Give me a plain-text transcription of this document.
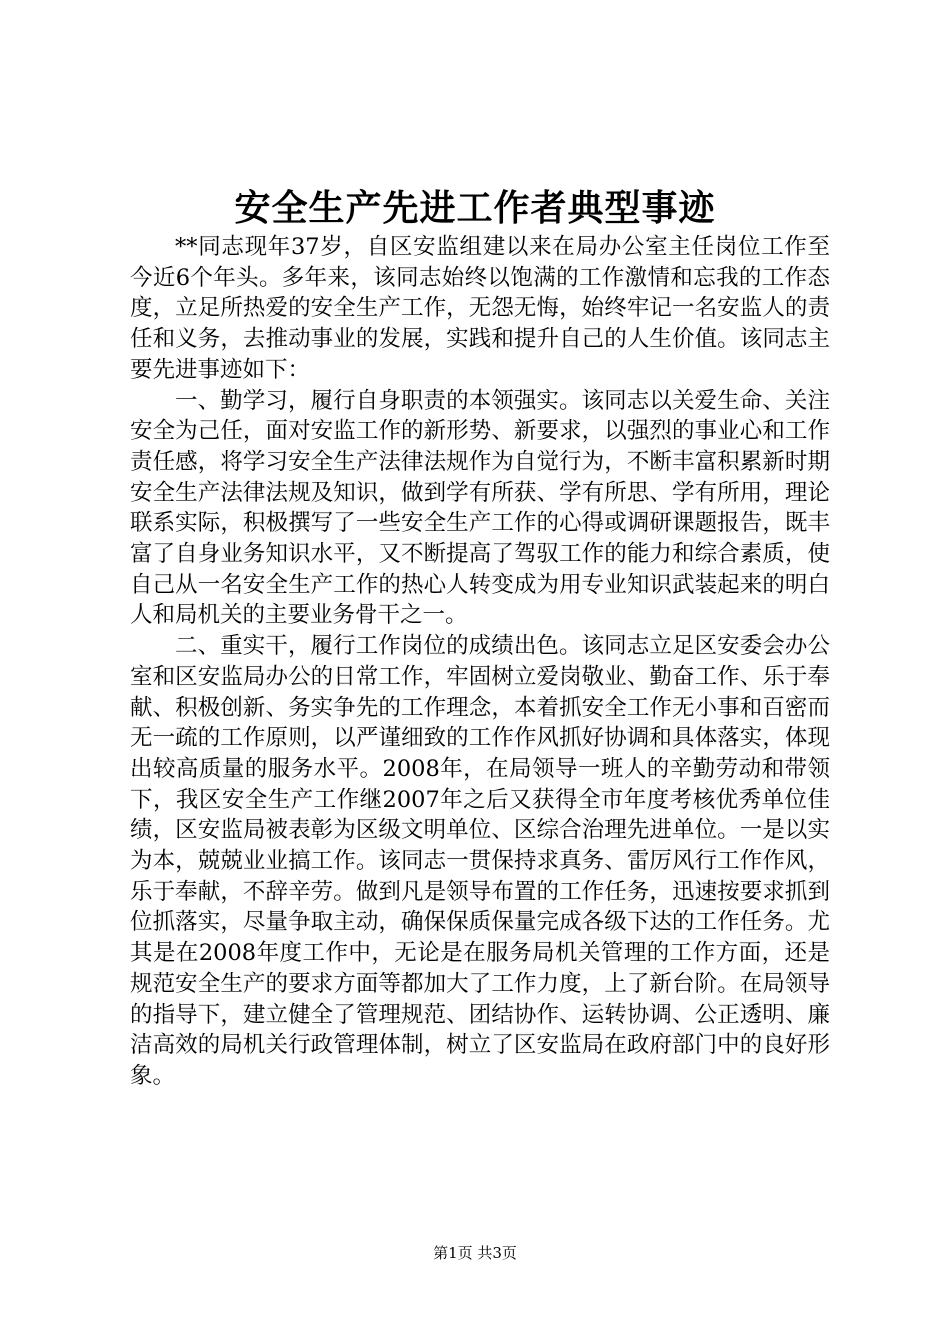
安全生产先进工作者典型事迹

**同志现年37岁，自区安监组建以来在局办公室主任岗位工作至今近6个年头。多年来，该同志始终以饱满的工作激情和忘我的工作态度，立足所热爱的安全生产工作，无怨无悔，始终牢记一名安监人的责任和义务，去推动事业的发展，实践和提升自己的人生价值。该同志主要先进事迹如下：

一、勤学习，履行自身职责的本领强实。该同志以关爱生命、关注安全为己任，面对安监工作的新形势、新要求，以强烈的事业心和工作责任感，将学习安全生产法律法规作为自觉行为，不断丰富积累新时期安全生产法律法规及知识，做到学有所获、学有所思、学有所用，理论联系实际，积极撰写了一些安全生产工作的心得或调研课题报告，既丰富了自身业务知识水平，又不断提高了驾驭工作的能力和综合素质，使自己从一名安全生产工作的热心人转变成为用专业知识武装起来的明白人和局机关的主要业务骨干之一。

二、重实干，履行工作岗位的成绩出色。该同志立足区安委会办公室和区安监局办公的日常工作，牢固树立爱岗敬业、勤奋工作、乐于奉献、积极创新、务实争先的工作理念，本着抓安全工作无小事和百密而无一疏的工作原则，以严谨细致的工作作风抓好协调和具体落实，体现出较高质量的服务水平。2008年，在局领导一班人的辛勤劳动和带领下，我区安全生产工作继2007年之后又获得全市年度考核优秀单位佳绩，区安监局被表彰为区级文明单位、区综合治理先进单位。一是以实为本，兢兢业业搞工作。该同志一贯保持求真务、雷厉风行工作作风，乐于奉献，不辞辛劳。做到凡是领导布置的工作任务，迅速按要求抓到位抓落实，尽量争取主动，确保保质保量完成各级下达的工作任务。尤其是在2008年度工作中，无论是在服务局机关管理的工作方面，还是规范安全生产的要求方面等都加大了工作力度，上了新台阶。在局领导的指导下，建立健全了管理规范、团结协作、运转协调、公正透明、廉洁高效的局机关行政管理体制，树立了区安监局在政府部门中的良好形象。

第1页 共3页
